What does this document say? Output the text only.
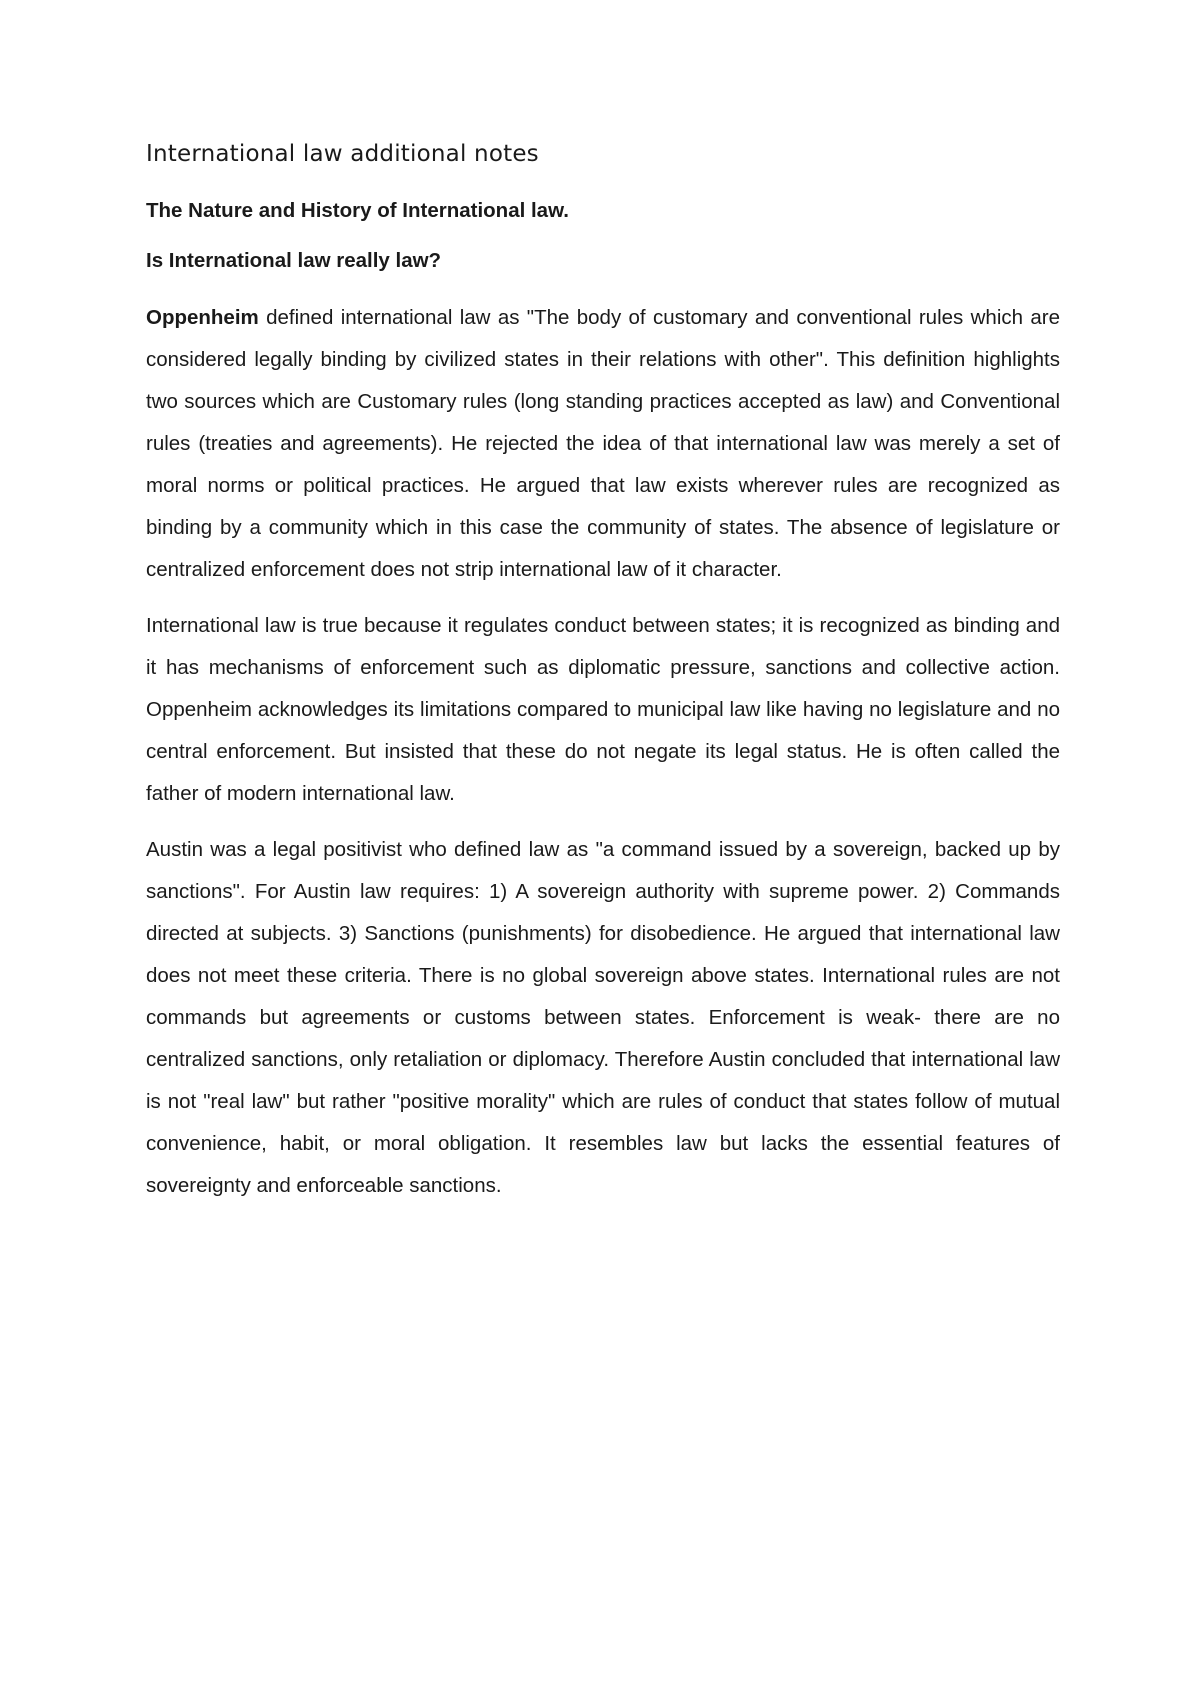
International law additional notes
The Nature and History of International law.
Is International law really law?

Oppenheim defined international law as "The body of customary and conventional rules which are considered legally binding by civilized states in their relations with other". This definition highlights two sources which are Customary rules (long standing practices accepted as law) and Conventional rules (treaties and agreements). He rejected the idea of that international law was merely a set of moral norms or political practices. He argued that law exists wherever rules are recognized as binding by a community which in this case the community of states. The absence of legislature or centralized enforcement does not strip international law of it character.

International law is true because it regulates conduct between states; it is recognized as binding and it has mechanisms of enforcement such as diplomatic pressure, sanctions and collective action. Oppenheim acknowledges its limitations compared to municipal law like having no legislature and no central enforcement. But insisted that these do not negate its legal status. He is often called the father of modern international law.

Austin was a legal positivist who defined law as "a command issued by a sovereign, backed up by sanctions". For Austin law requires: 1) A sovereign authority with supreme power. 2) Commands directed at subjects. 3) Sanctions (punishments) for disobedience. He argued that international law does not meet these criteria. There is no global sovereign above states. International rules are not commands but agreements or customs between states. Enforcement is weak- there are no centralized sanctions, only retaliation or diplomacy. Therefore Austin concluded that international law is not "real law" but rather "positive morality" which are rules of conduct that states follow of mutual convenience, habit, or moral obligation. It resembles law but lacks the essential features of sovereignty and enforceable sanctions.
